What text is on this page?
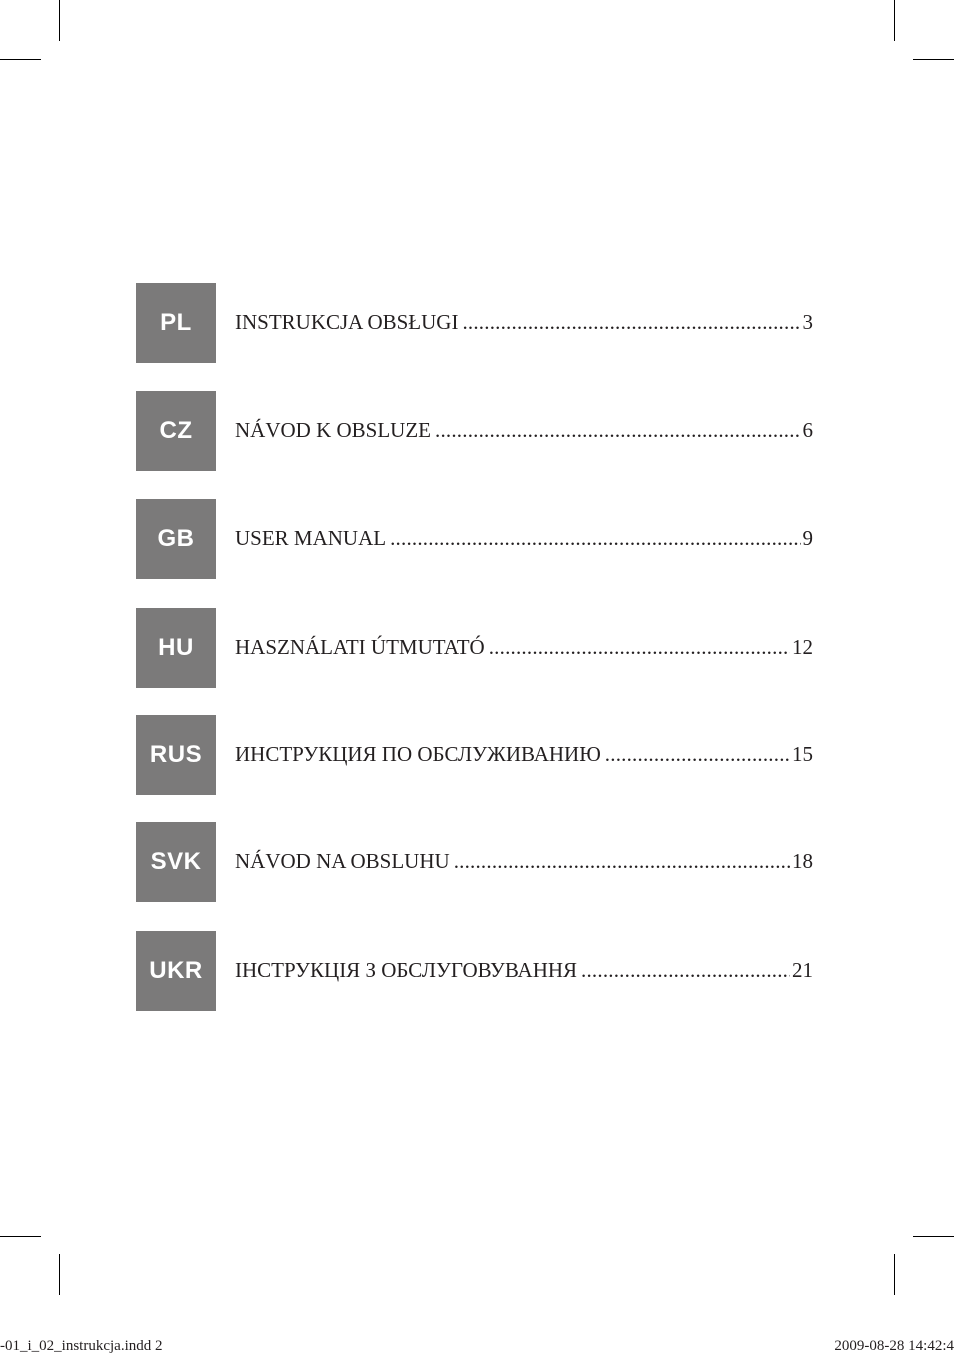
PL	INSTRUKCJA OBSŁUGI .....	3
CZ	NÁVOD K OBSLUZE .....	6
GB	USER MANUAL .....	9
HU	HASZNÁLATI ÚTMUTATÓ .....	12
RUS	ИНСТРУКЦИЯ ПО ОБСЛУЖИВАНИЮ .....	15
SVK	NÁVOD NA OBSLUHU .....	18
UKR	ІНСТРУКЦІЯ З ОБСЛУГОВУВАННЯ .....	21
-01_i_02_instrukcja.indd 2	2009-08-28 14:42:4
